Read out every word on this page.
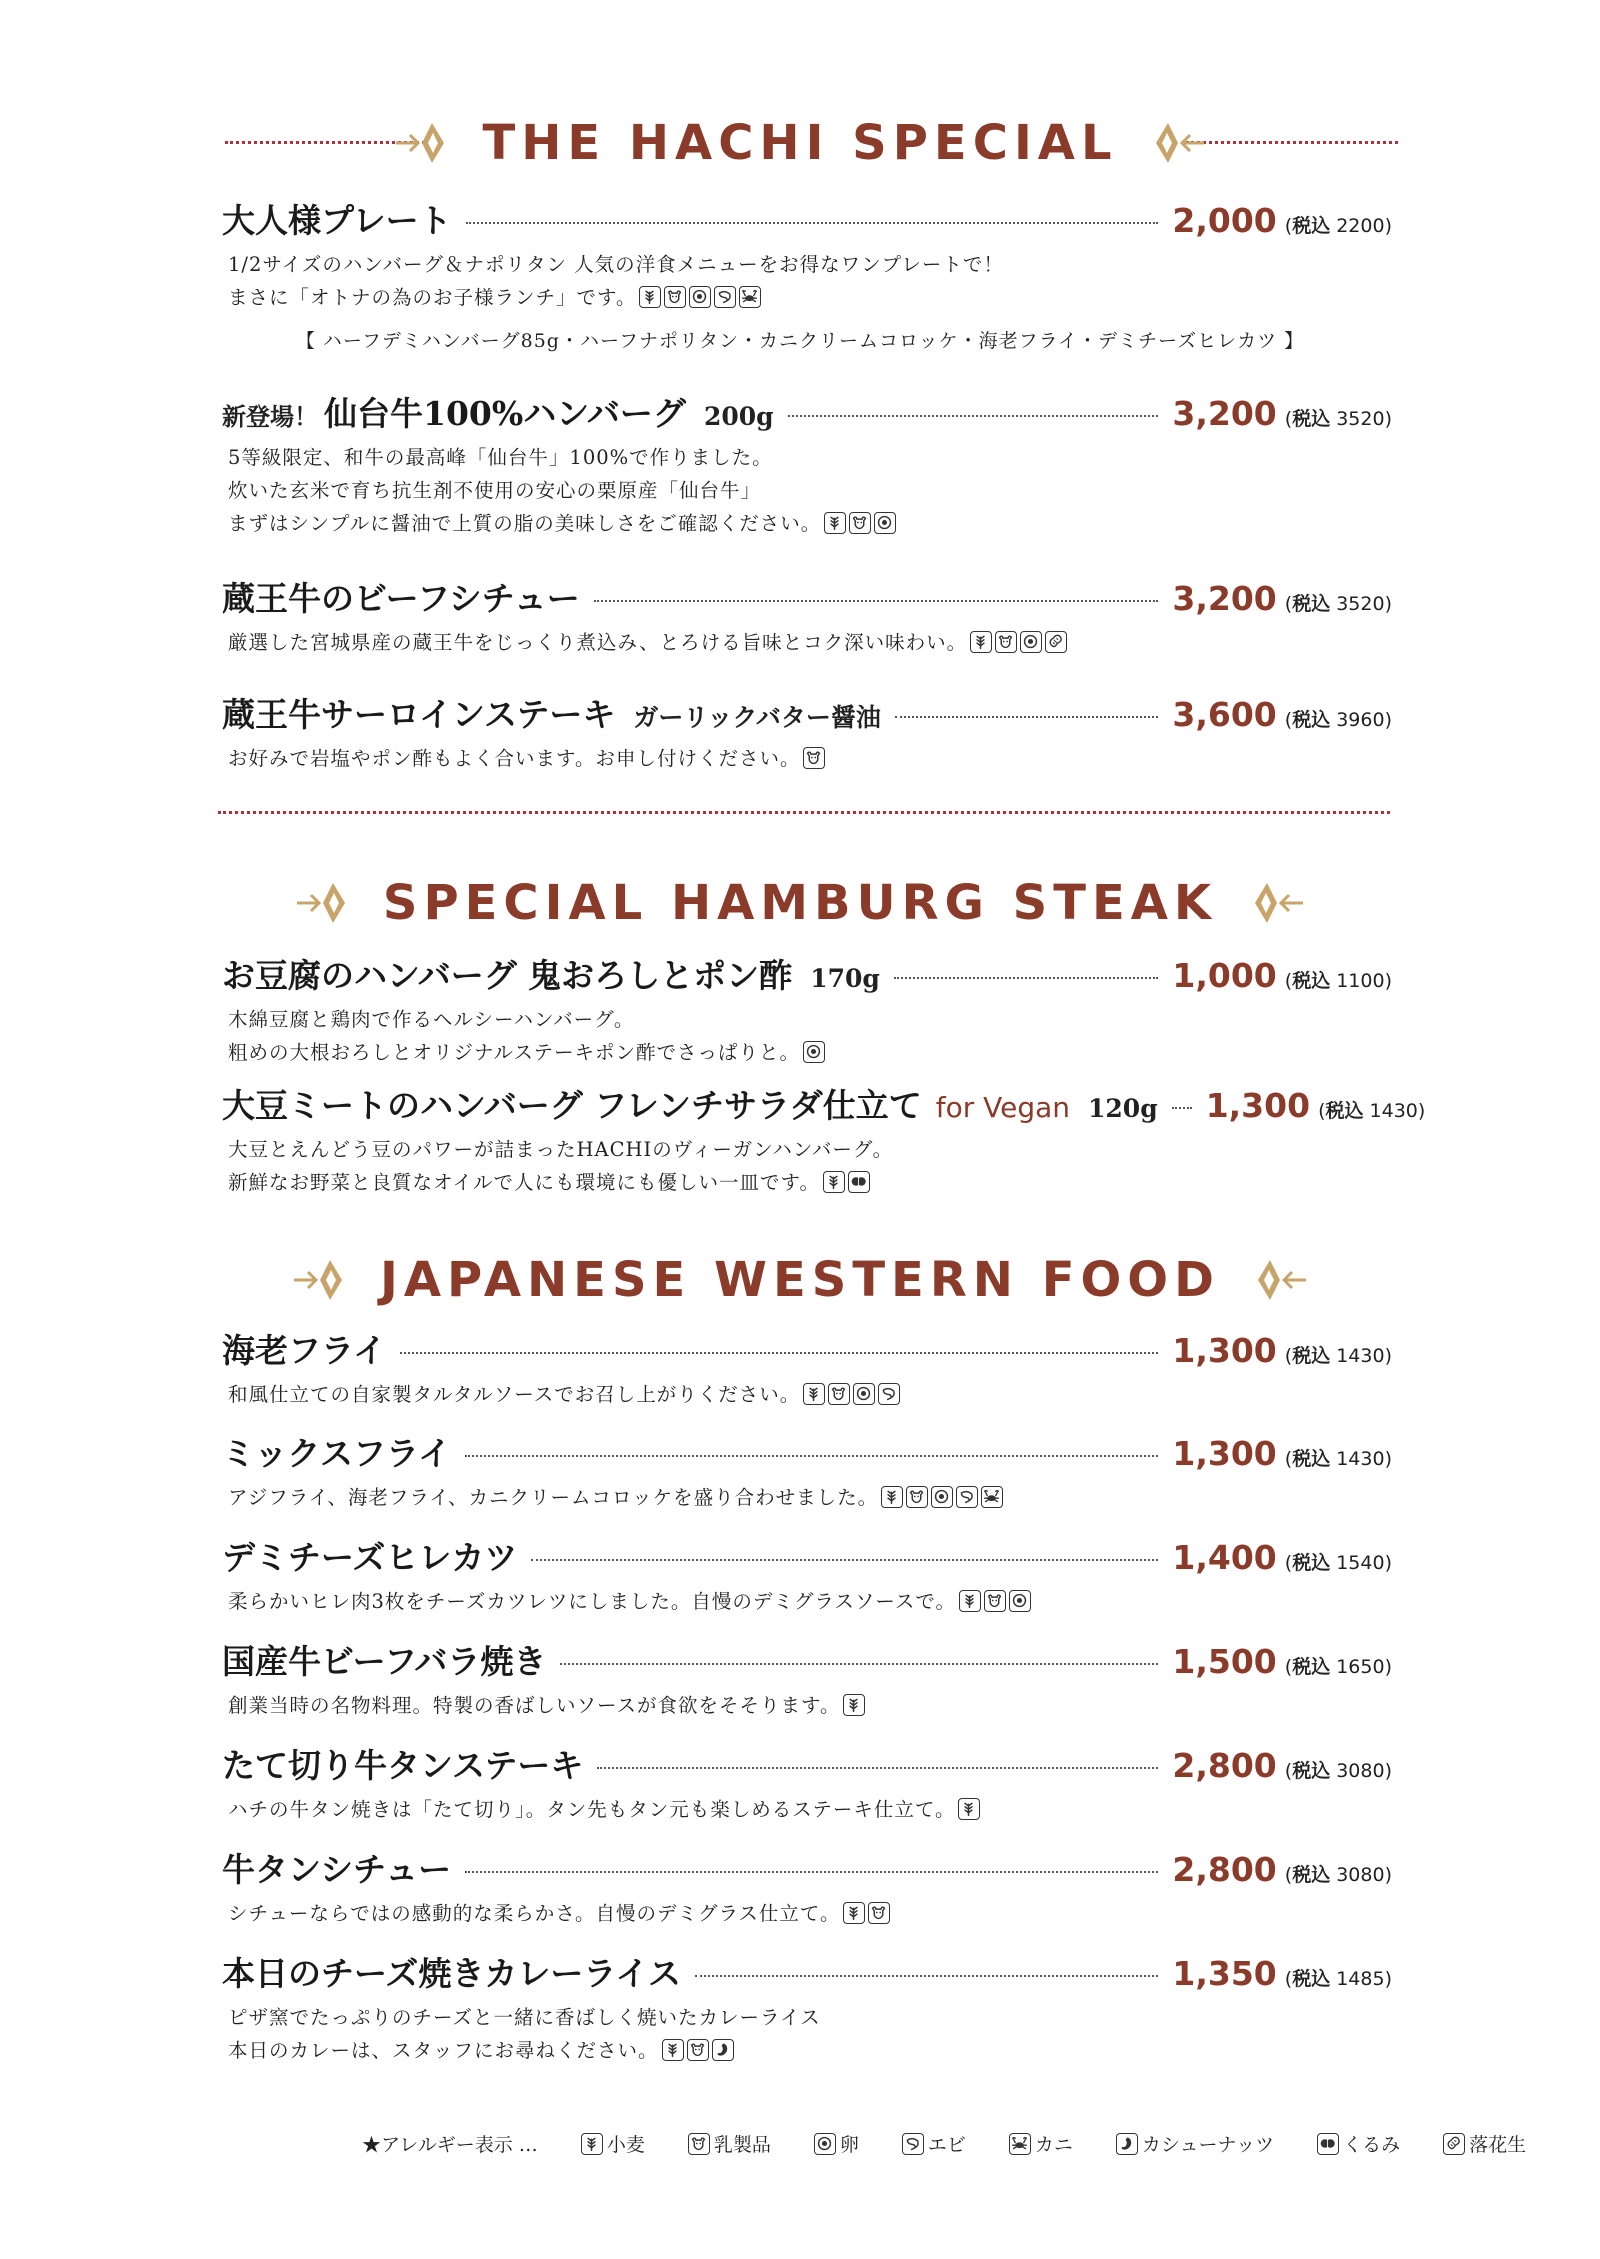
THE HACHI SPECIAL
大人様プレート	2,000 (税込 2200)
1/2サイズのハンバーグ＆ナポリタン 人気の洋食メニューをお得なワンプレートで！
まさに「オトナの為のお子様ランチ」です。
【 ハーフデミハンバーグ85g・ハーフナポリタン・カニクリームコロッケ・海老フライ・デミチーズヒレカツ 】
新登場！ 仙台牛100%ハンバーグ 200g	3,200 (税込 3520)
5等級限定、和牛の最高峰「仙台牛」100%で作りました。
炊いた玄米で育ち抗生剤不使用の安心の栗原産「仙台牛」
まずはシンプルに醤油で上質の脂の美味しさをご確認ください。
蔵王牛のビーフシチュー	3,200 (税込 3520)
厳選した宮城県産の蔵王牛をじっくり煮込み、とろける旨味とコク深い味わい。
蔵王牛サーロインステーキ ガーリックバター醤油	3,600 (税込 3960)
お好みで岩塩やポン酢もよく合います。お申し付けください。
SPECIAL HAMBURG STEAK
お豆腐のハンバーグ 鬼おろしとポン酢 170g	1,000 (税込 1100)
木綿豆腐と鶏肉で作るヘルシーハンバーグ。
粗めの大根おろしとオリジナルステーキポン酢でさっぱりと。
大豆ミートのハンバーグ フレンチサラダ仕立て for Vegan 120g 1,300 (税込 1430)
大豆とえんどう豆のパワーが詰まったHACHIのヴィーガンハンバーグ。
新鮮なお野菜と良質なオイルで人にも環境にも優しい一皿です。
JAPANESE WESTERN FOOD
海老フライ	1,300 (税込 1430)
和風仕立ての自家製タルタルソースでお召し上がりください。
ミックスフライ	1,300 (税込 1430)
アジフライ、海老フライ、カニクリームコロッケを盛り合わせました。
デミチーズヒレカツ	1,400 (税込 1540)
柔らかいヒレ肉3枚をチーズカツレツにしました。自慢のデミグラスソースで。
国産牛ビーフバラ焼き	1,500 (税込 1650)
創業当時の名物料理。特製の香ばしいソースが食欲をそそります。
たて切り牛タンステーキ	2,800 (税込 3080)
ハチの牛タン焼きは「たて切り」。タン先もタン元も楽しめるステーキ仕立て。
牛タンシチュー	2,800 (税込 3080)
シチューならではの感動的な柔らかさ。自慢のデミグラス仕立て。
本日のチーズ焼きカレーライス	1,350 (税込 1485)
ピザ窯でたっぷりのチーズと一緒に香ばしく焼いたカレーライス
本日のカレーは、スタッフにお尋ねください。
★アレルギー表示 …	小麦	乳製品	卵	エビ	カニ	カシューナッツ	くるみ	落花生
